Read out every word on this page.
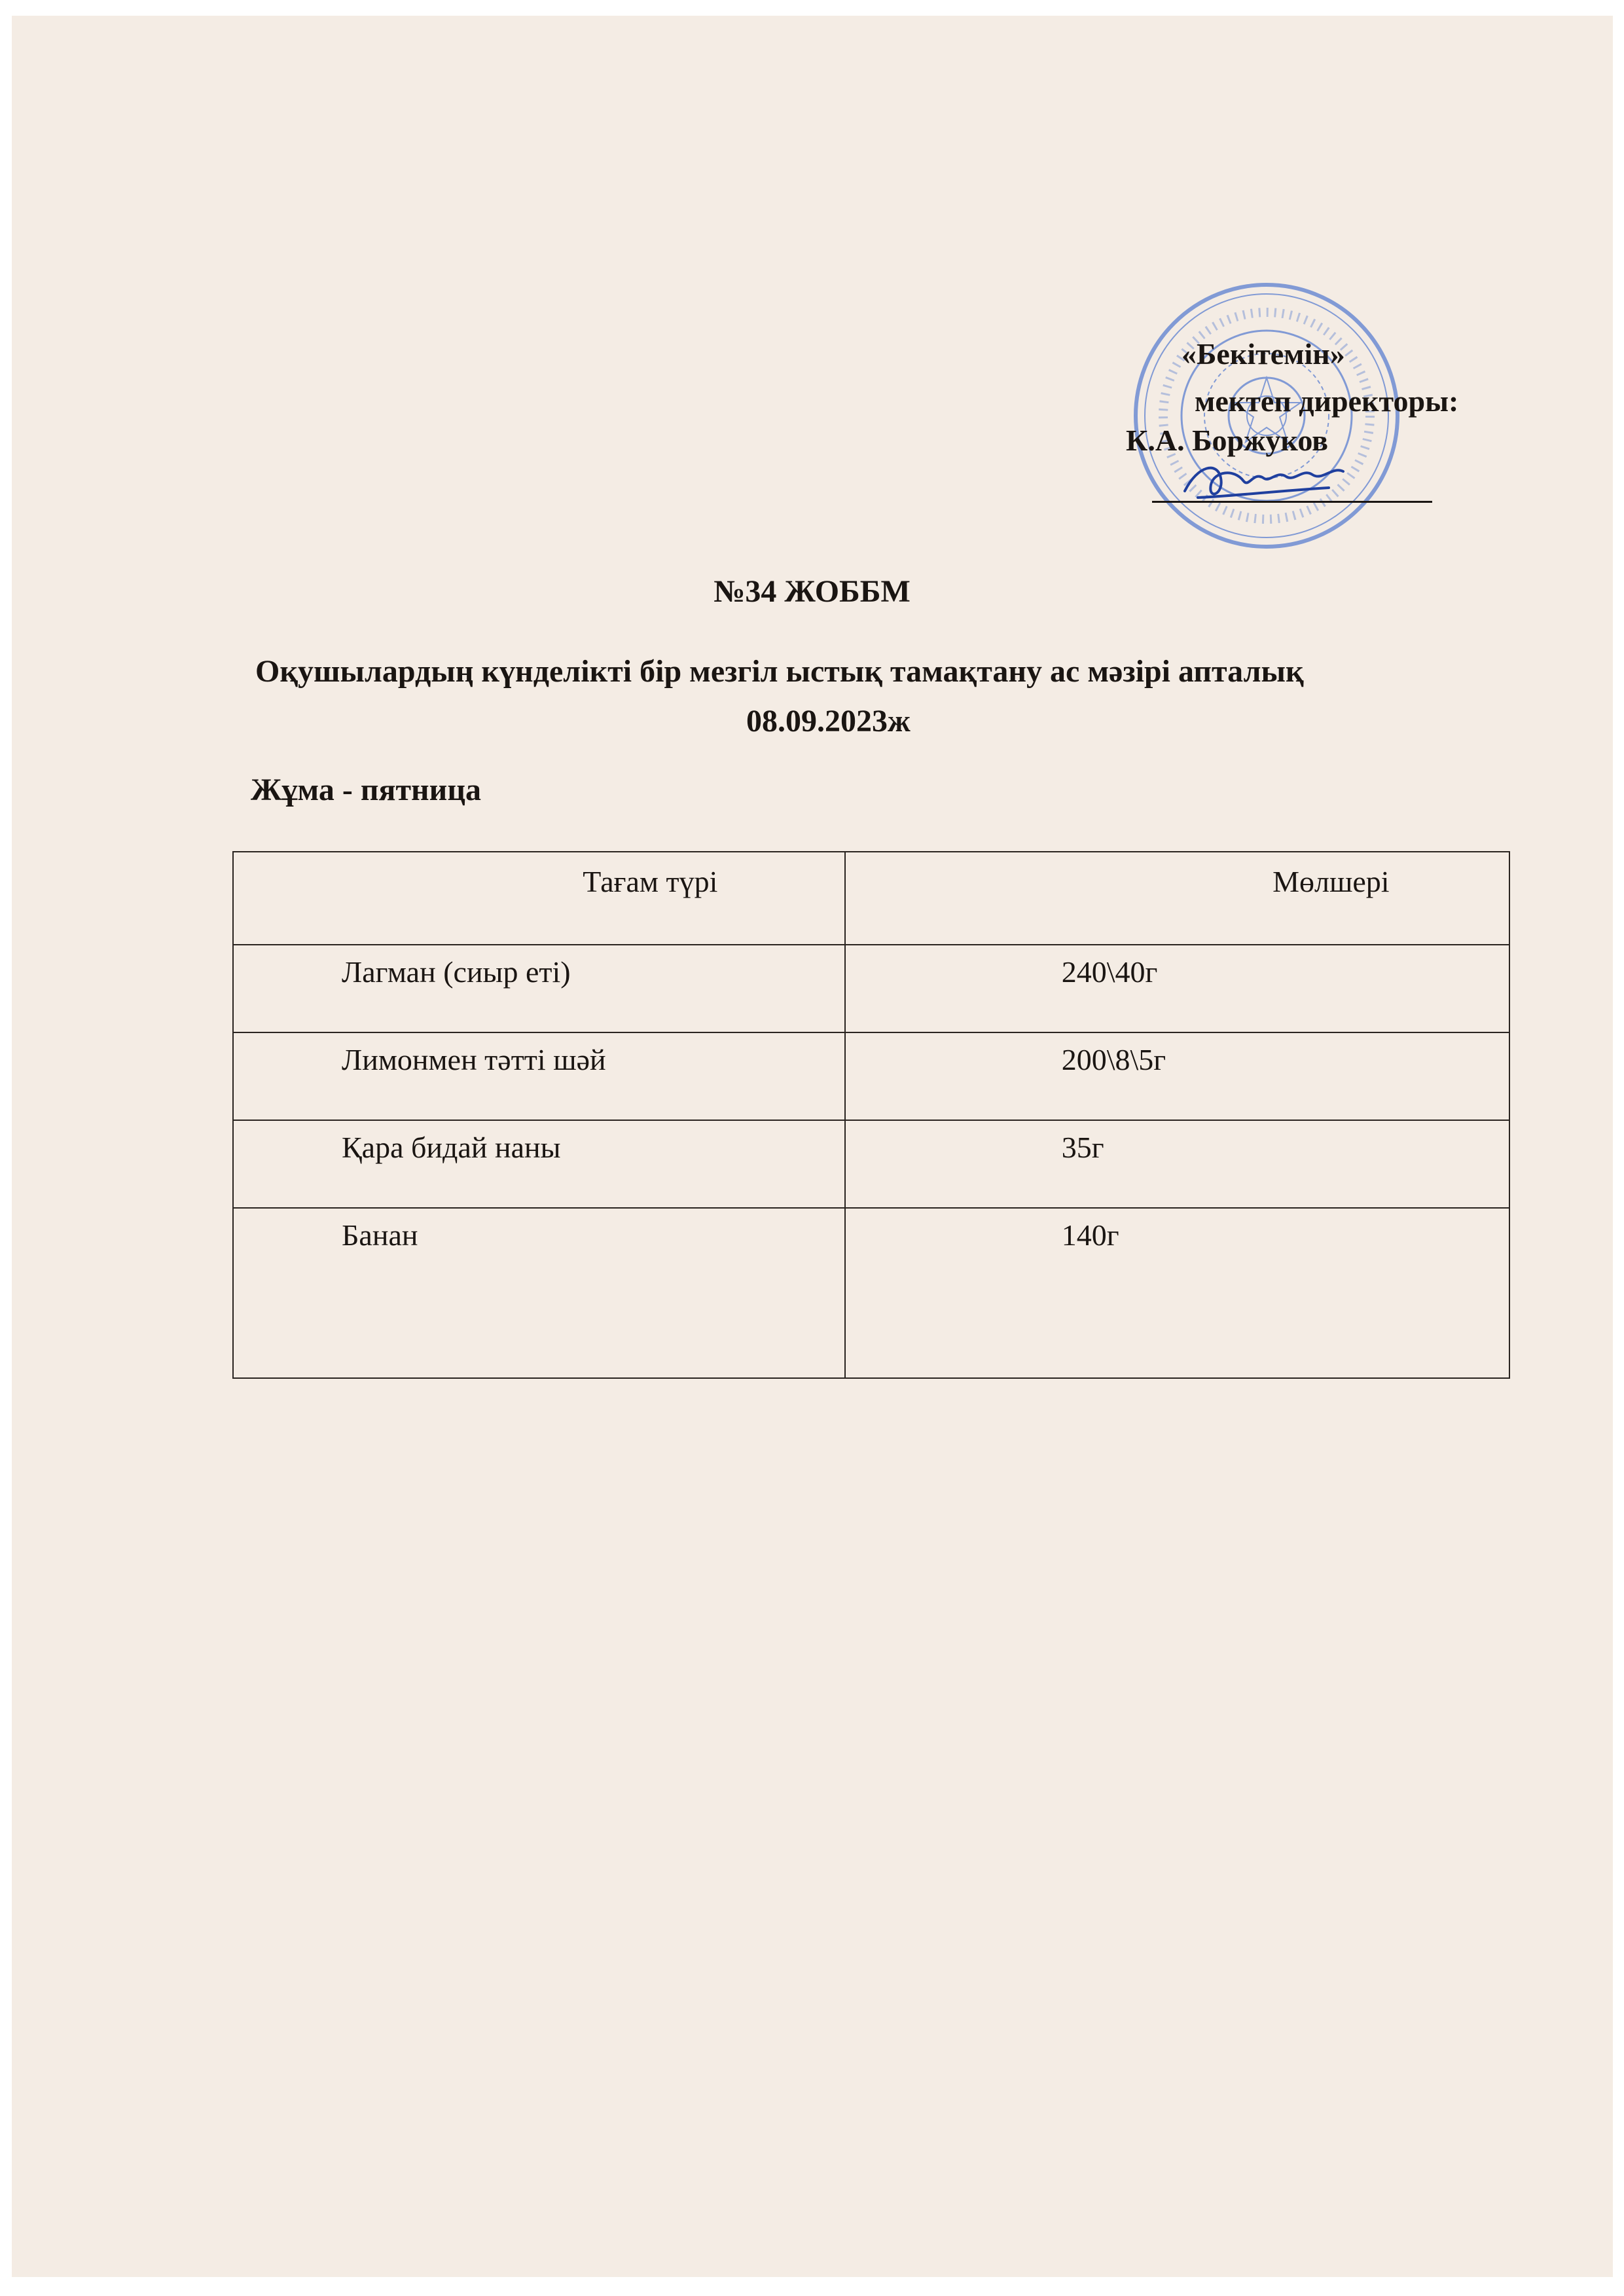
«Бекітемін»
мектеп директоры:
К.А. Боржуков
№34 ЖОББМ
Оқушылардың күнделікті бір мезгіл ыстық тамақтану ас мәзірі апталық
08.09.2023ж
Жұма - пятница
Тағам түрі	Мөлшері

Лагман (сиыр еті)	240\40г

Лимонмен тәтті шәй	200\8\5г

Қара бидай наны	35г

Банан	140г
